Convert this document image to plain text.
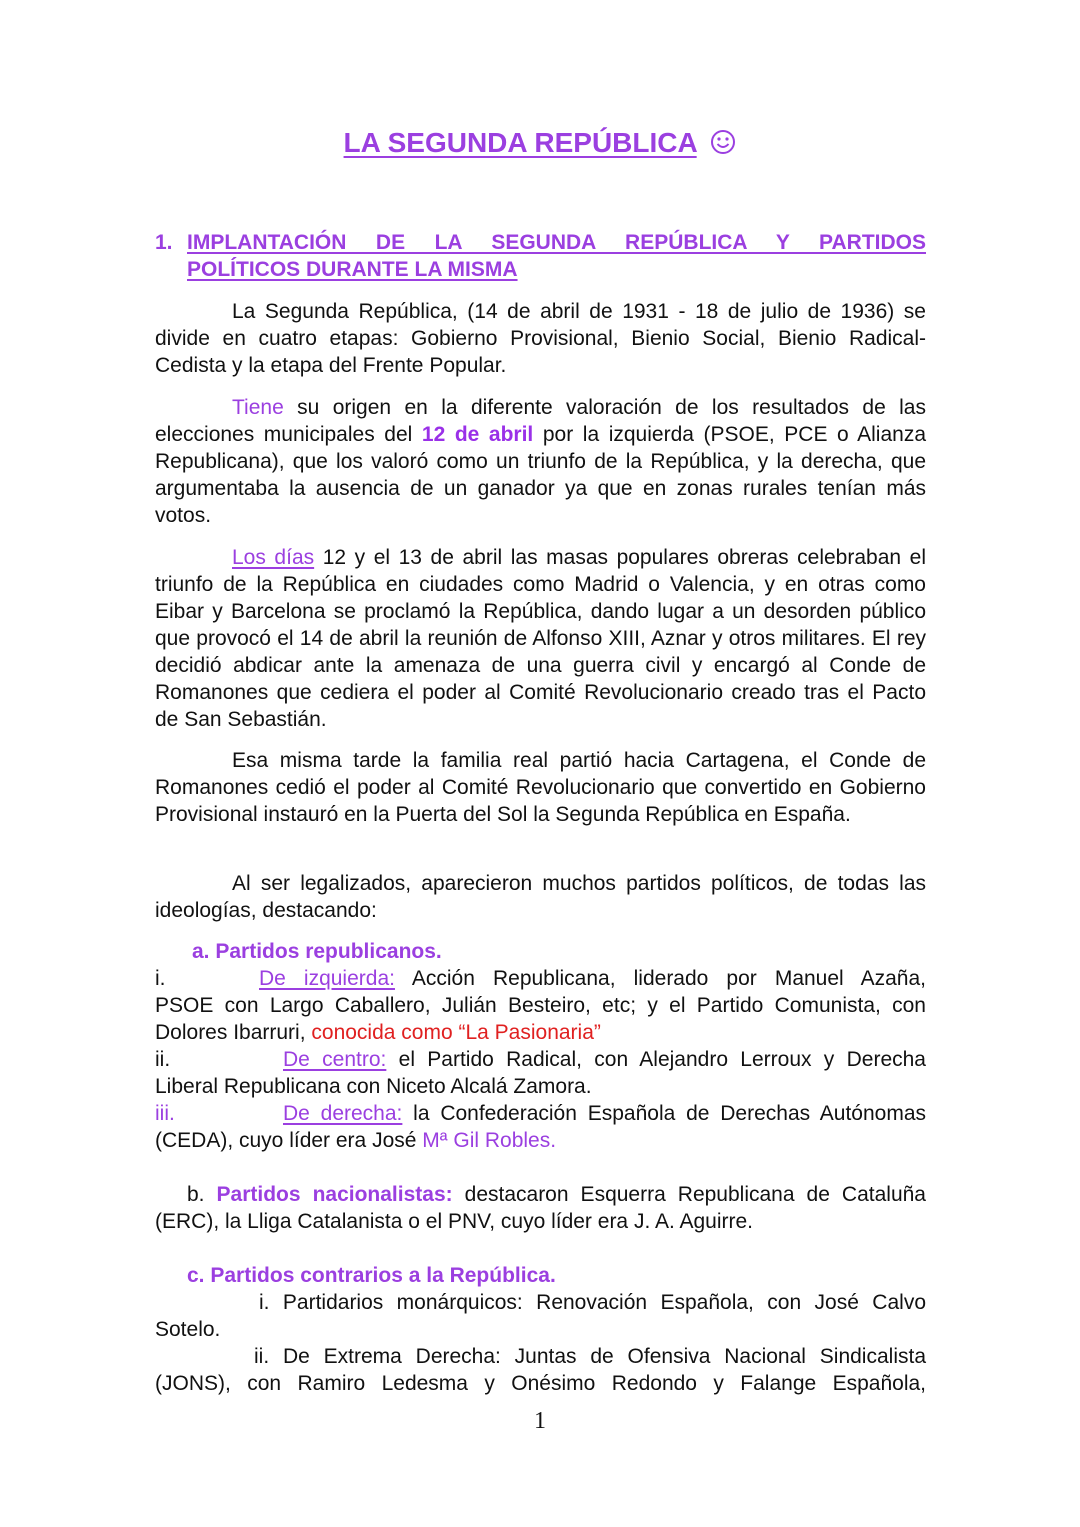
LA SEGUNDA REPÚBLICA
1. IMPLANTACIÓN DE LA SEGUNDA REPÚBLICA Y PARTIDOS
POLÍTICOS DURANTE LA MISMA
La Segunda República, (14 de abril de 1931 - 18 de julio de 1936) se divide en cuatro etapas: Gobierno Provisional, Bienio Social, Bienio Radical-Cedista y la etapa del Frente Popular.
Tiene su origen en la diferente valoración de los resultados de las elecciones municipales del 12 de abril por la izquierda (PSOE, PCE o Alianza Republicana), que los valoró como un triunfo de la República, y la derecha, que argumentaba la ausencia de un ganador ya que en zonas rurales tenían más votos.
Los días 12 y el 13 de abril las masas populares obreras celebraban el triunfo de la República en ciudades como Madrid o Valencia, y en otras como Eibar y Barcelona se proclamó la República, dando lugar a un desorden público que provocó el 14 de abril la reunión de Alfonso XIII, Aznar y otros militares. El rey decidió abdicar ante la amenaza de una guerra civil y encargó al Conde de Romanones que cediera el poder al Comité Revolucionario creado tras el Pacto de San Sebastián.
Esa misma tarde la familia real partió hacia Cartagena, el Conde de Romanones cedió el poder al Comité Revolucionario que convertido en Gobierno Provisional instauró en la Puerta del Sol la Segunda República en España.
Al ser legalizados, aparecieron muchos partidos políticos, de todas las ideologías, destacando:
a. Partidos republicanos.
i.	De izquierda: Acción Republicana, liderado por Manuel Azaña,
PSOE con Largo Caballero, Julián Besteiro, etc; y el Partido Comunista, con
Dolores Ibarruri, conocida como “La Pasionaria”
ii.	De centro: el Partido Radical, con Alejandro Lerroux y Derecha
Liberal Republicana con Niceto Alcalá Zamora.
iii.	De derecha: la Confederación Española de Derechas Autónomas
(CEDA), cuyo líder era José Mª Gil Robles.
b. Partidos nacionalistas: destacaron Esquerra Republicana de Cataluña
(ERC), la Lliga Catalanista o el PNV, cuyo líder era J. A. Aguirre.
c. Partidos contrarios a la República.
i. Partidarios monárquicos: Renovación Española, con José Calvo
Sotelo.
ii. De Extrema Derecha: Juntas de Ofensiva Nacional Sindicalista
(JONS), con Ramiro Ledesma y Onésimo Redondo y Falange Española,
1
